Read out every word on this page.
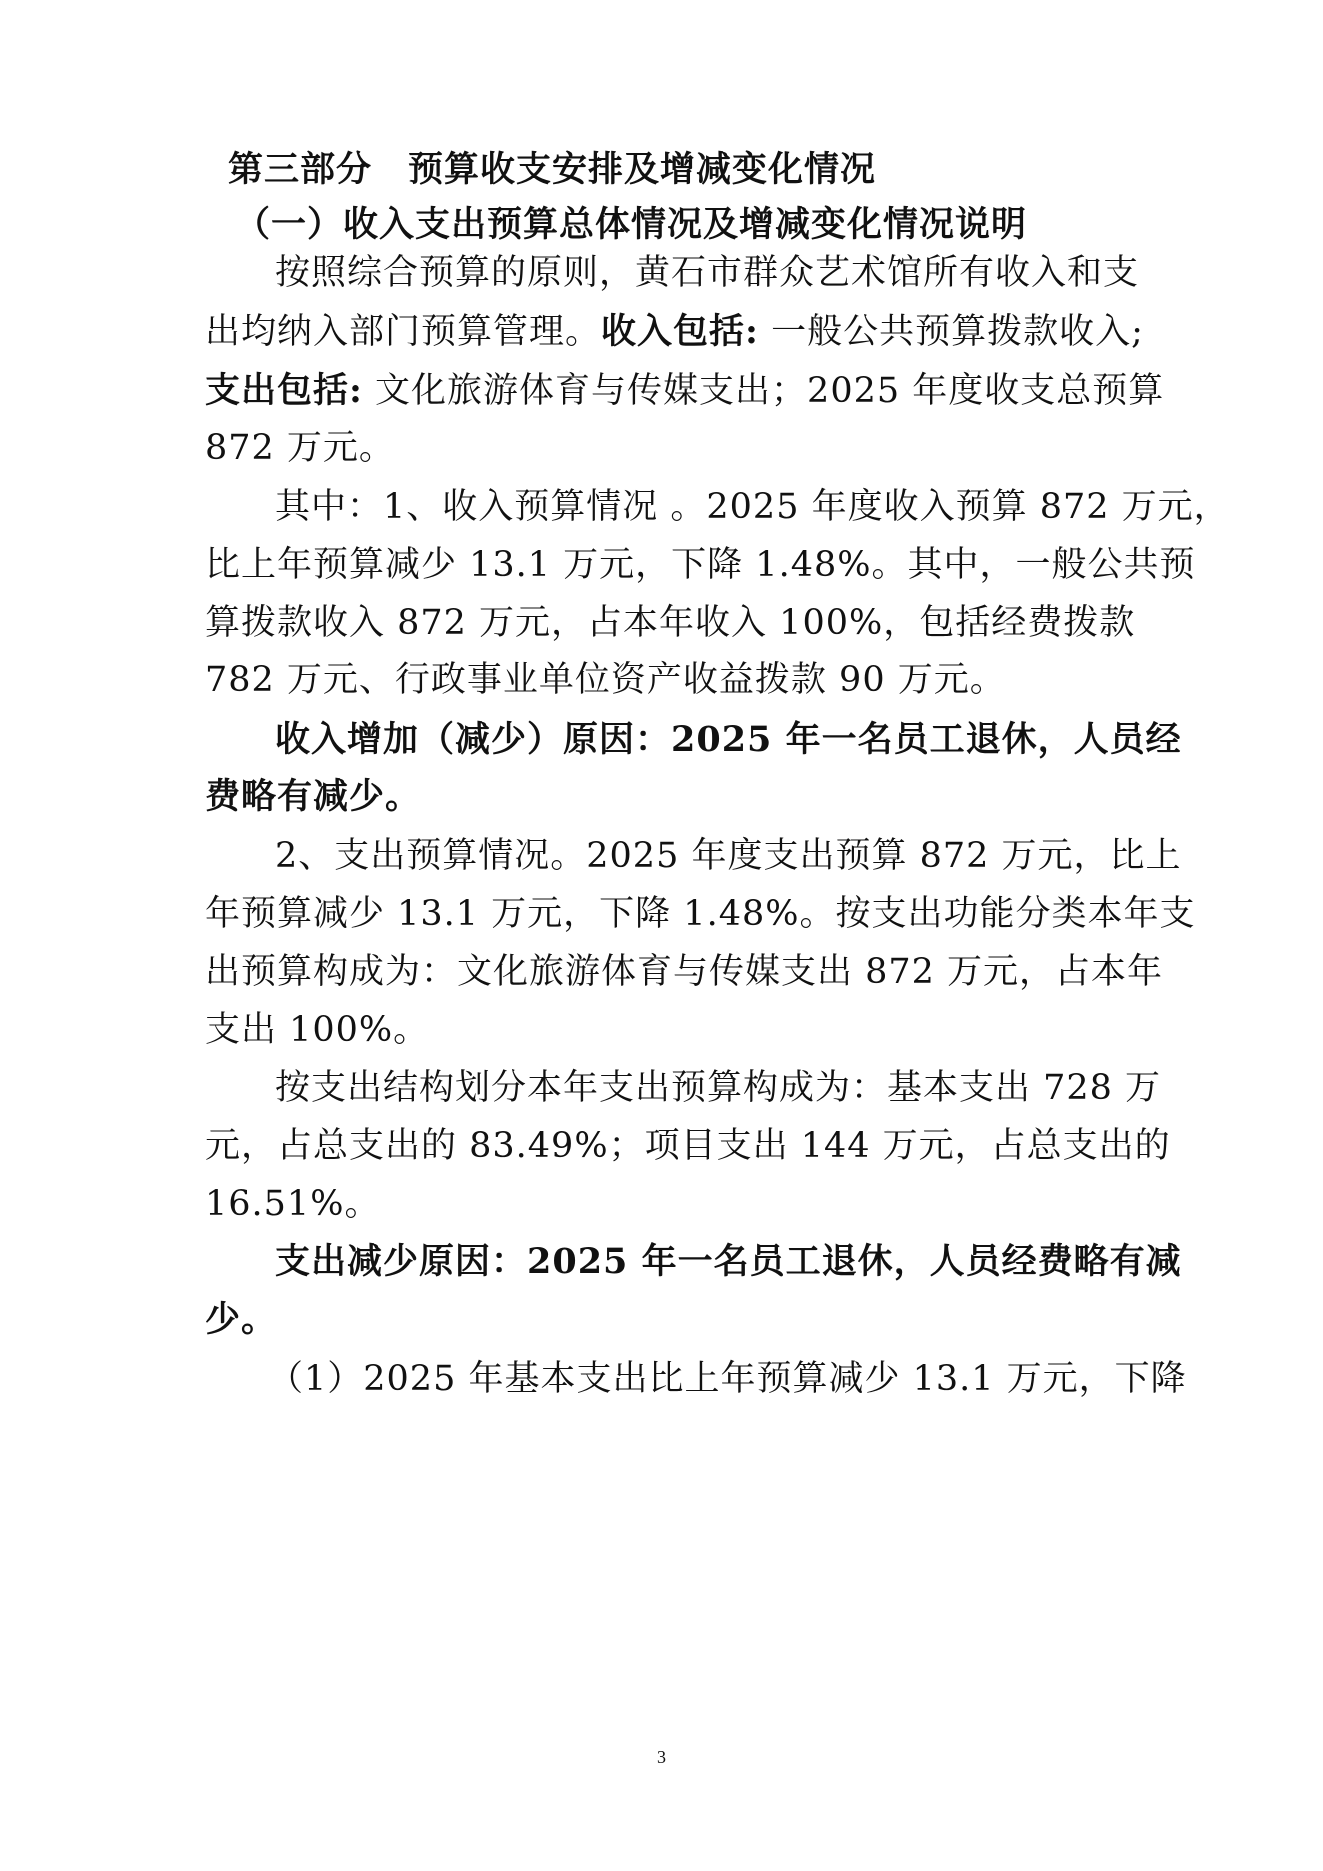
第三部分　预算收支安排及增减变化情况
（一）收入支出预算总体情况及增减变化情况说明
按照综合预算的原则，黄石市群众艺术馆所有收入和支
出均纳入部门预算管理。收入包括: 一般公共预算拨款收入;
支出包括: 文化旅游体育与传媒支出；2025 年度收支总预算
872 万元。
其中：1、收入预算情况 。2025 年度收入预算 872 万元，
比上年预算减少 13.1 万元，下降 1.48%。其中，一般公共预
算拨款收入 872 万元，占本年收入 100%，包括经费拨款
782 万元、行政事业单位资产收益拨款 90 万元。
收入增加（减少）原因：2025 年一名员工退休，人员经
费略有减少。
2、支出预算情况。2025 年度支出预算 872 万元，比上
年预算减少 13.1 万元，下降 1.48%。按支出功能分类本年支
出预算构成为：文化旅游体育与传媒支出 872 万元，占本年
支出 100%。
按支出结构划分本年支出预算构成为：基本支出 728 万
元，占总支出的 83.49%；项目支出 144 万元，占总支出的
16.51%。
支出减少原因：2025 年一名员工退休，人员经费略有减
少。
（1）2025 年基本支出比上年预算减少 13.1 万元，下降
3
